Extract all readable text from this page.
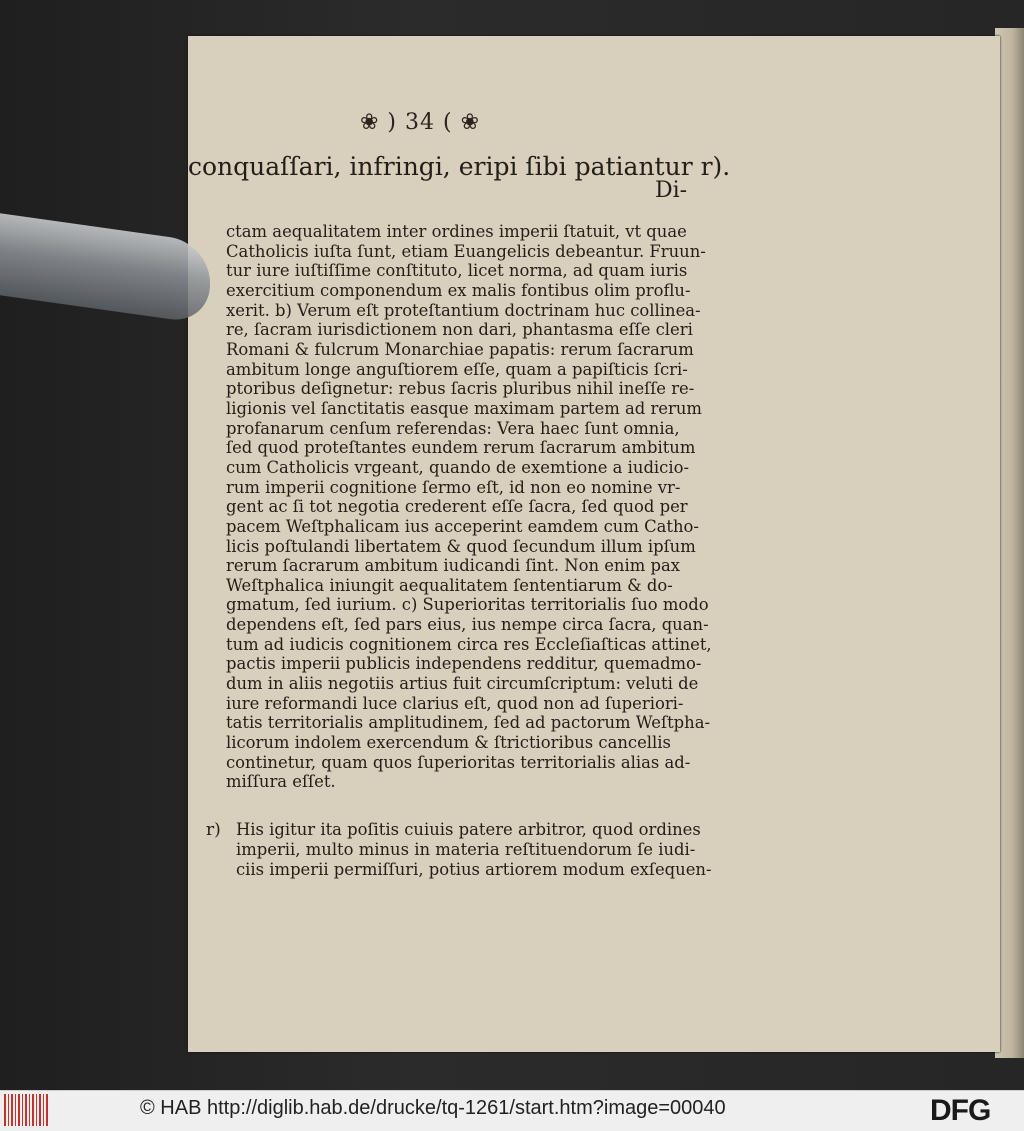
❀ ) 34 ( ❀
conquaſſari, infringi, eripi ſibi patiantur r).
Di-
ctam aequalitatem inter ordines imperii ſtatuit, vt quae
Catholicis iuſta ſunt, etiam Euangelicis debeantur. Fruun-
tur iure iuſtiſſime conſtituto, licet norma, ad quam iuris
exercitium componendum ex malis fontibus olim proflu-
xerit. b) Verum eſt proteſtantium doctrinam huc collinea-
re, ſacram iurisdictionem non dari, phantasma eſſe cleri
Romani & fulcrum Monarchiae papatis: rerum ſacrarum
ambitum longe anguſtiorem eſſe, quam a papiſticis ſcri-
ptoribus deſignetur: rebus ſacris pluribus nihil ineſſe re-
ligionis vel ſanctitatis easque maximam partem ad rerum
profanarum cenſum referendas: Vera haec ſunt omnia,
ſed quod proteſtantes eundem rerum ſacrarum ambitum
cum Catholicis vrgeant, quando de exemtione a iudicio-
rum imperii cognitione ſermo eſt, id non eo nomine vr-
gent ac ſi tot negotia crederent eſſe ſacra, ſed quod per
pacem Weſtphalicam ius acceperint eamdem cum Catho-
licis poſtulandi libertatem & quod ſecundum illum ipſum
rerum ſacrarum ambitum iudicandi ſint. Non enim pax
Weſtphalica iniungit aequalitatem ſententiarum & do-
gmatum, ſed iurium. c) Superioritas territorialis ſuo modo
dependens eſt, ſed pars eius, ius nempe circa ſacra, quan-
tum ad iudicis cognitionem circa res Eccleſiaſticas attinet,
pactis imperii publicis independens redditur, quemadmo-
dum in aliis negotiis artius fuit circumſcriptum: veluti de
iure reformandi luce clarius eſt, quod non ad ſuperiori-
tatis territorialis amplitudinem, ſed ad pactorum Weſtpha-
licorum indolem exercendum & ſtrictioribus cancellis
continetur, quam quos ſuperioritas territorialis alias ad-
miſſura eſſet.
r) His igitur ita poſitis cuiuis patere arbitror, quod ordines
imperii, multo minus in materia reſtituendorum ſe iudi-
ciis imperii permiſſuri, potius artiorem modum exſequen-
© HAB http://diglib.hab.de/drucke/tq-1261/start.htm?image=00040	DFG
